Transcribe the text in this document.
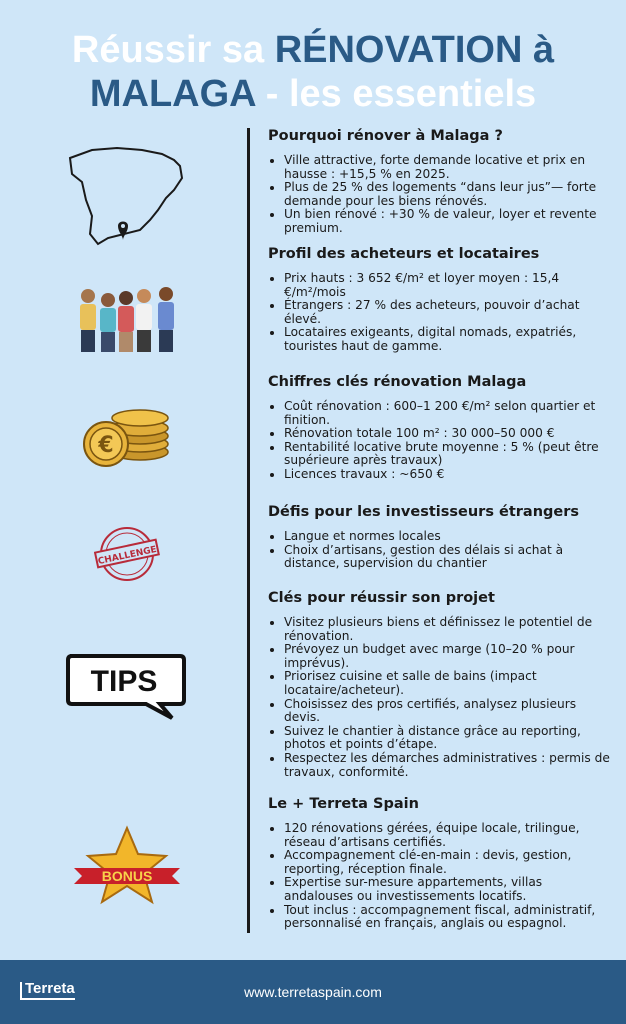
Réussir sa RÉNOVATION à
MALAGA - les essentiels
€
CHALLENGE
TIPS
BONUS
Pourquoi rénover à Malaga ?
• Ville attractive, forte demande locative et prix en hausse : +15,5 % en 2025.
• Plus de 25 % des logements “dans leur jus”— forte demande pour les biens rénovés.
• Un bien rénové : +30 % de valeur, loyer et revente premium.
Profil des acheteurs et locataires
• Prix hauts : 3 652 €/m² et loyer moyen : 15,4 €/m²/mois
• Étrangers : 27 % des acheteurs, pouvoir d’achat élevé.
• Locataires exigeants, digital nomads, expatriés, touristes haut de gamme.
Chiffres clés rénovation Malaga
• Coût rénovation : 600–1 200 €/m² selon quartier et finition.
• Rénovation totale 100 m² : 30 000–50 000 €
• Rentabilité locative brute moyenne : 5 % (peut être supérieure après travaux)
• Licences travaux : ~650 €
Défis pour les investisseurs étrangers
• Langue et normes locales
• Choix d’artisans, gestion des délais si achat à distance, supervision du chantier
Clés pour réussir son projet
• Visitez plusieurs biens et définissez le potentiel de rénovation.
• Prévoyez un budget avec marge (10–20 % pour imprévus).
• Priorisez cuisine et salle de bains (impact locataire/acheteur).
• Choisissez des pros certifiés, analysez plusieurs devis.
• Suivez le chantier à distance grâce au reporting, photos et points d’étape.
• Respectez les démarches administratives : permis de travaux, conformité.
Le + Terreta Spain
• 120 rénovations gérées, équipe locale, trilingue, réseau d’artisans certifiés.
• Accompagnement clé-en-main : devis, gestion, reporting, réception finale.
• Expertise sur-mesure appartements, villas andalouses ou investissements locatifs.
• Tout inclus : accompagnement fiscal, administratif, personnalisé en français, anglais ou espagnol.
Terreta	www.terretaspain.com
